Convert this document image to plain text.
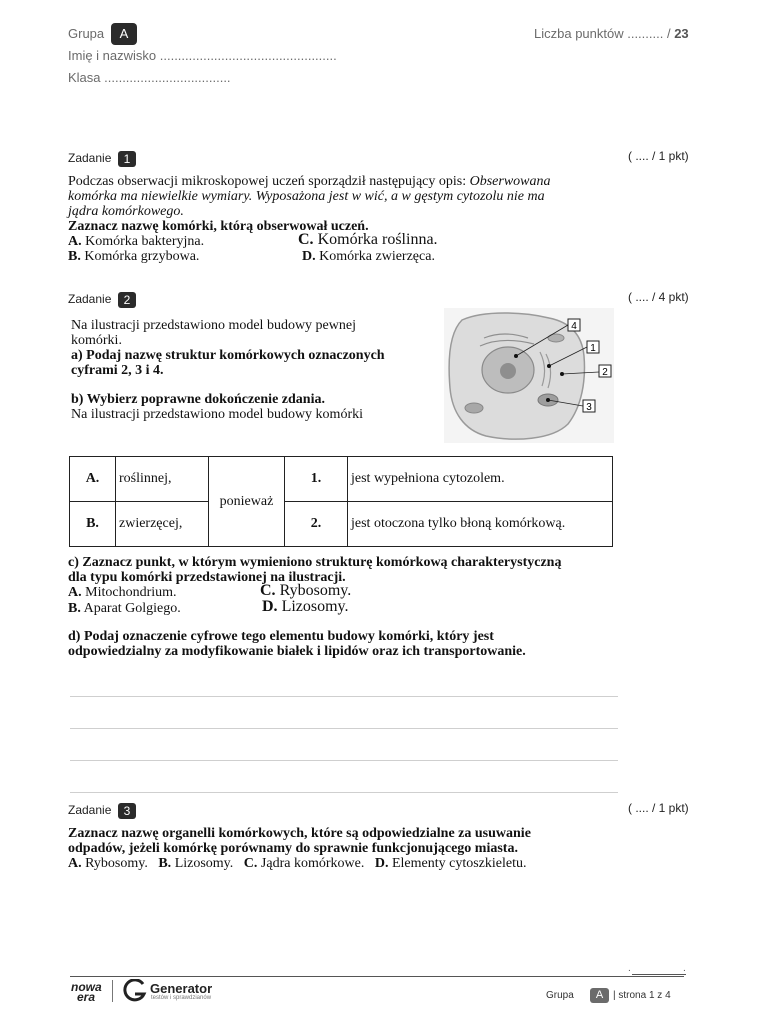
Grupa	A
Imię i nazwisko .................................................
Klasa ...................................
Liczba punktów .......... / 23
Zadanie	1	( .... / 1 pkt)
Podczas obserwacji mikroskopowej uczeń sporządził następujący opis: Obserwowana
komórka ma niewielkie wymiary. Wyposażona jest w wić, a w gęstym cytozolu nie ma
jądra komórkowego.
Zaznacz nazwę komórki, którą obserwował uczeń.
A. Komórka bakteryjna.	C. Komórka roślinna.
B. Komórka grzybowa.	D. Komórka zwierzęca.
Zadanie	2	( .... / 4 pkt)
Na ilustracji przedstawiono model budowy pewnej
komórki.
a) Podaj nazwę struktur komórkowych oznaczonych
cyframi 2, 3 i 4.
b) Wybierz poprawne dokończenie zdania.
Na ilustracji przedstawiono model budowy komórki
4
1
2
3
A.	roślinnej,	ponieważ	1.	jest wypełniona cytozolem.
B.	zwierzęcej,		2.	jest otoczona tylko błoną komórkową.
c) Zaznacz punkt, w którym wymieniono strukturę komórkową charakterystyczną
dla typu komórki przedstawionej na ilustracji.
A. Mitochondrium.	C. Rybosomy.
B. Aparat Golgiego.	D. Lizosomy.
d) Podaj oznaczenie cyfrowe tego elementu budowy komórki, który jest
odpowiedzialny za modyfikowanie białek i lipidów oraz ich transportowanie.
Zadanie	3	( .... / 1 pkt)
Zaznacz nazwę organelli komórkowych, które są odpowiedzialne za usuwanie
odpadów, jeżeli komórkę porównamy do sprawnie funkcjonującego miasta.
A. Rybosomy. B. Lizosomy. C. Jądra komórkowe. D. Elementy cytoszkieletu.
.	.
nowa
era
Generator
testów i sprawdzianów	Grupa	A | strona 1 z 4
